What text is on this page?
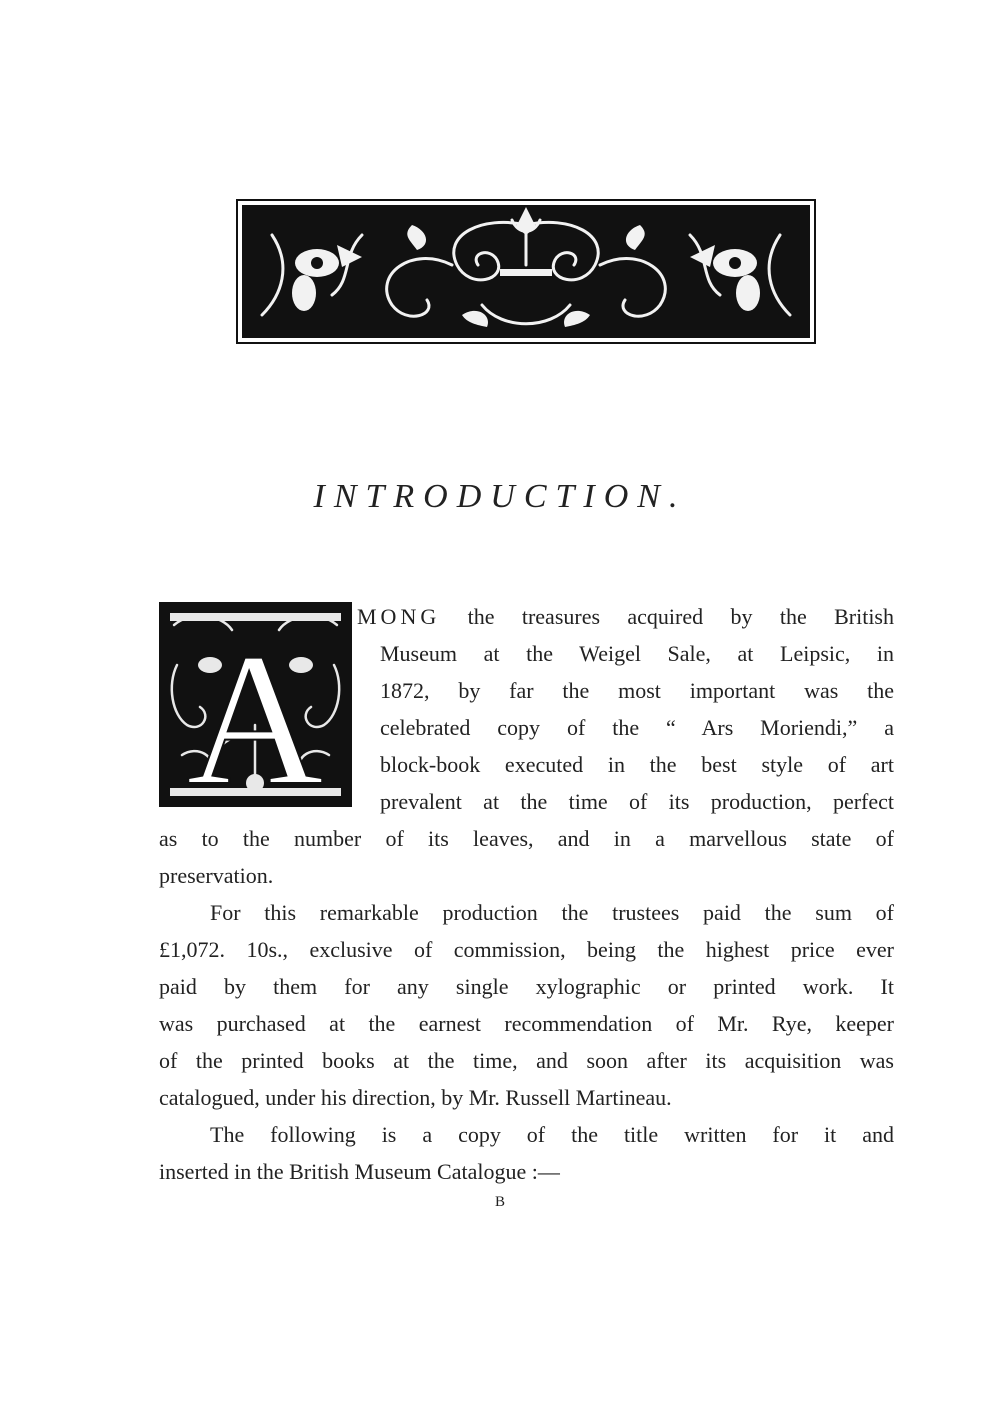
INTRODUCTION.
A MONG the treasures acquired by the British
Museum at the Weigel Sale, at Leipsic, in
1872, by far the most important was the
celebrated copy of the “ Ars Moriendi,” a
block-book executed in the best style of art
prevalent at the time of its production, perfect
as to the number of its leaves, and in a marvellous state of
preservation.
For this remarkable production the trustees paid the sum of
£1,072. 10s., exclusive of commission, being the highest price ever
paid by them for any single xylographic or printed work. It
was purchased at the earnest recommendation of Mr. Rye, keeper
of the printed books at the time, and soon after its acquisition was
catalogued, under his direction, by Mr. Russell Martineau.
The following is a copy of the title written for it and
inserted in the British Museum Catalogue :—
B
